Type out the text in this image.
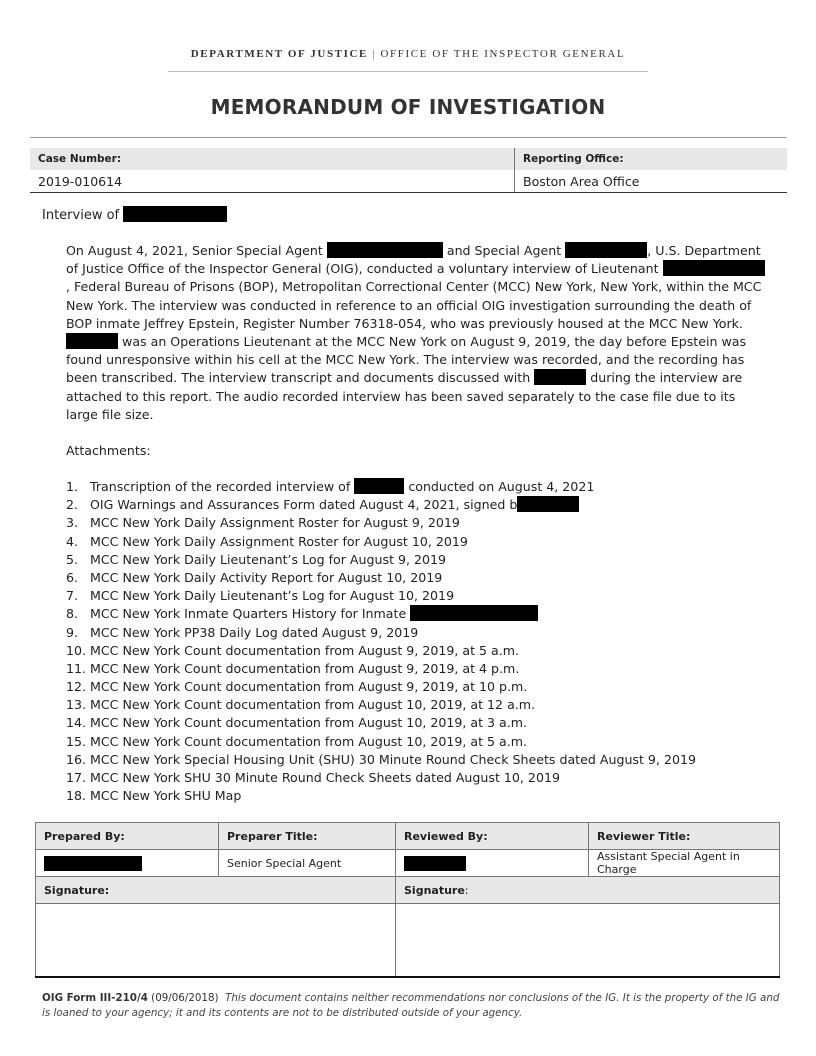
DEPARTMENT OF JUSTICE | OFFICE OF THE INSPECTOR GENERAL
MEMORANDUM OF INVESTIGATION
Case Number:	Reporting Office:
2019-010614	Boston Area Office
Interview of

On August 4, 2021, Senior Special Agent	and Special Agent	, U.S. Department of Justice Office of the Inspector General (OIG), conducted a voluntary interview of Lieutenant , Federal Bureau of Prisons (BOP), Metropolitan Correctional Center (MCC) New York, New York, within the MCC New York. The interview was conducted in reference to an official OIG investigation surrounding the death of BOP inmate Jeffrey Epstein, Register Number 76318-054, who was previously housed at the MCC New York.  was an Operations Lieutenant at the MCC New York on August 9, 2019, the day before Epstein was found unresponsive within his cell at the MCC New York. The interview was recorded, and the recording has been transcribed. The interview transcript and documents discussed with	during the interview are attached to this report. The audio recorded interview has been saved separately to the case file due to its large file size.

Attachments:
1. Transcription of the recorded interview of	conducted on August 4, 2021
2. OIG Warnings and Assurances Form dated August 4, 2021, signed b
3. MCC New York Daily Assignment Roster for August 9, 2019
4. MCC New York Daily Assignment Roster for August 10, 2019
5. MCC New York Daily Lieutenant’s Log for August 9, 2019
6. MCC New York Daily Activity Report for August 10, 2019
7. MCC New York Daily Lieutenant’s Log for August 10, 2019
8. MCC New York Inmate Quarters History for Inmate
9. MCC New York PP38 Daily Log dated August 9, 2019
10. MCC New York Count documentation from August 9, 2019, at 5 a.m.
11. MCC New York Count documentation from August 9, 2019, at 4 p.m.
12. MCC New York Count documentation from August 9, 2019, at 10 p.m.
13. MCC New York Count documentation from August 10, 2019, at 12 a.m.
14. MCC New York Count documentation from August 10, 2019, at 3 a.m.
15. MCC New York Count documentation from August 10, 2019, at 5 a.m.
16. MCC New York Special Housing Unit (SHU) 30 Minute Round Check Sheets dated August 9, 2019
17. MCC New York SHU 30 Minute Round Check Sheets dated August 10, 2019
18. MCC New York SHU Map
Prepared By:	Preparer Title:	Reviewed By:	Reviewer Title:
	Senior Special Agent		Assistant Special Agent in Charge
Signature:		Signature:	

OIG Form III-210/4 (09/06/2018) This document contains neither recommendations nor conclusions of the IG. It is the property of the IG and is loaned to your agency; it and its contents are not to be distributed outside of your agency.
